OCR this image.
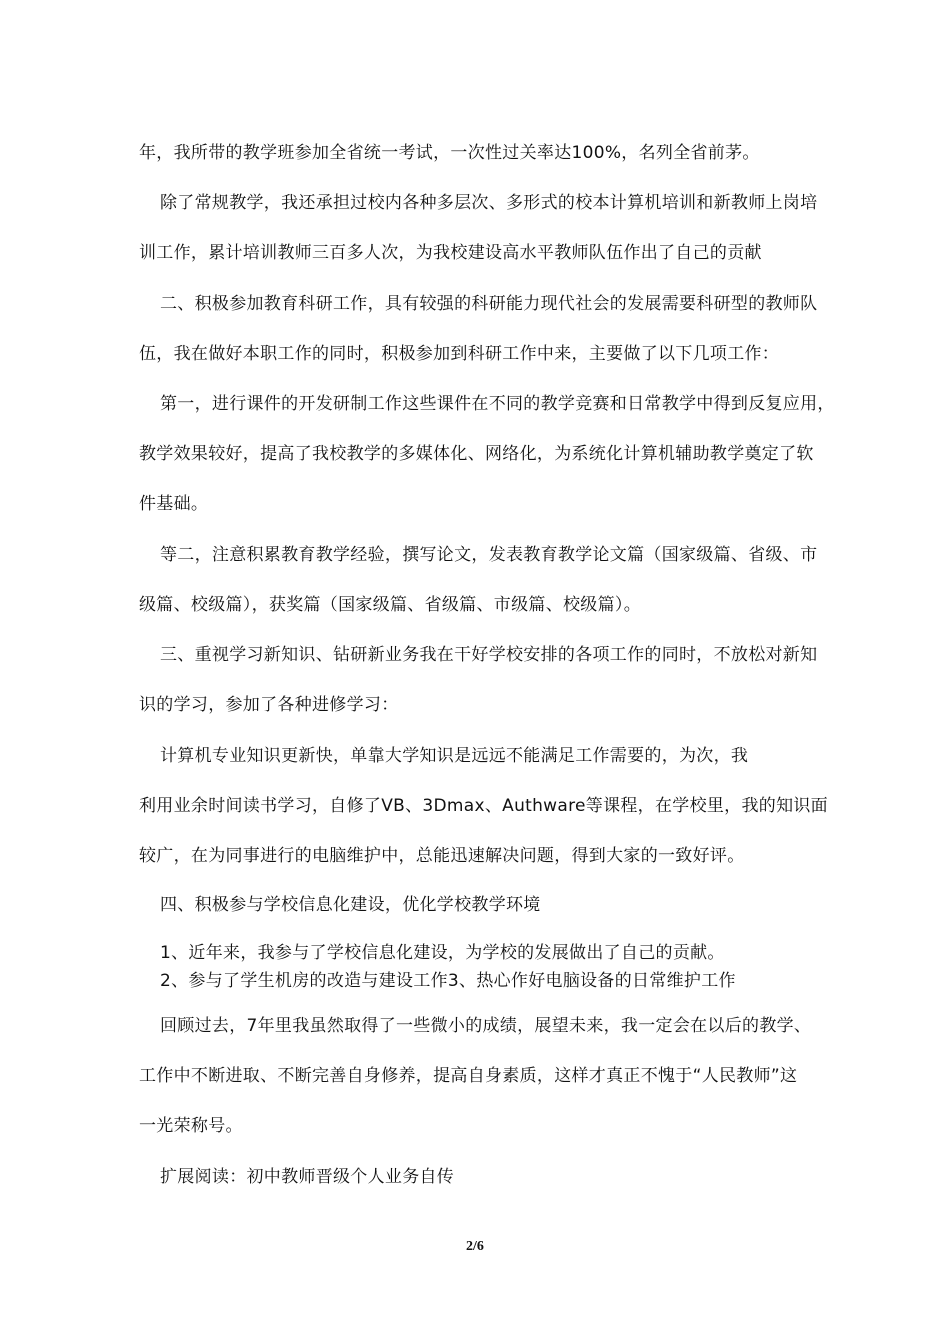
年，我所带的教学班参加全省统一考试，一次性过关率达100%，名列全省前茅。
除了常规教学，我还承担过校内各种多层次、多形式的校本计算机培训和新教师上岗培
训工作，累计培训教师三百多人次，为我校建设高水平教师队伍作出了自己的贡献
二、积极参加教育科研工作，具有较强的科研能力现代社会的发展需要科研型的教师队
伍，我在做好本职工作的同时，积极参加到科研工作中来，主要做了以下几项工作：
第一，进行课件的开发研制工作这些课件在不同的教学竞赛和日常教学中得到反复应用，
教学效果较好，提高了我校教学的多媒体化、网络化，为系统化计算机辅助教学奠定了软
件基础。
等二，注意积累教育教学经验，撰写论文，发表教育教学论文篇（国家级篇、省级、市
级篇、校级篇），获奖篇（国家级篇、省级篇、市级篇、校级篇）。
三、重视学习新知识、钻研新业务我在干好学校安排的各项工作的同时，不放松对新知
识的学习，参加了各种进修学习：
计算机专业知识更新快，单靠大学知识是远远不能满足工作需要的，为次，我
利用业余时间读书学习，自修了VB、3Dmax、Authware等课程，在学校里，我的知识面
较广，在为同事进行的电脑维护中，总能迅速解决问题，得到大家的一致好评。
四、积极参与学校信息化建设，优化学校教学环境
1、近年来，我参与了学校信息化建设，为学校的发展做出了自己的贡献。
2、参与了学生机房的改造与建设工作3、热心作好电脑设备的日常维护工作
回顾过去，7年里我虽然取得了一些微小的成绩，展望未来，我一定会在以后的教学、
工作中不断进取、不断完善自身修养，提高自身素质，这样才真正不愧于“人民教师”这
一光荣称号。
扩展阅读：初中教师晋级个人业务自传
2/6
